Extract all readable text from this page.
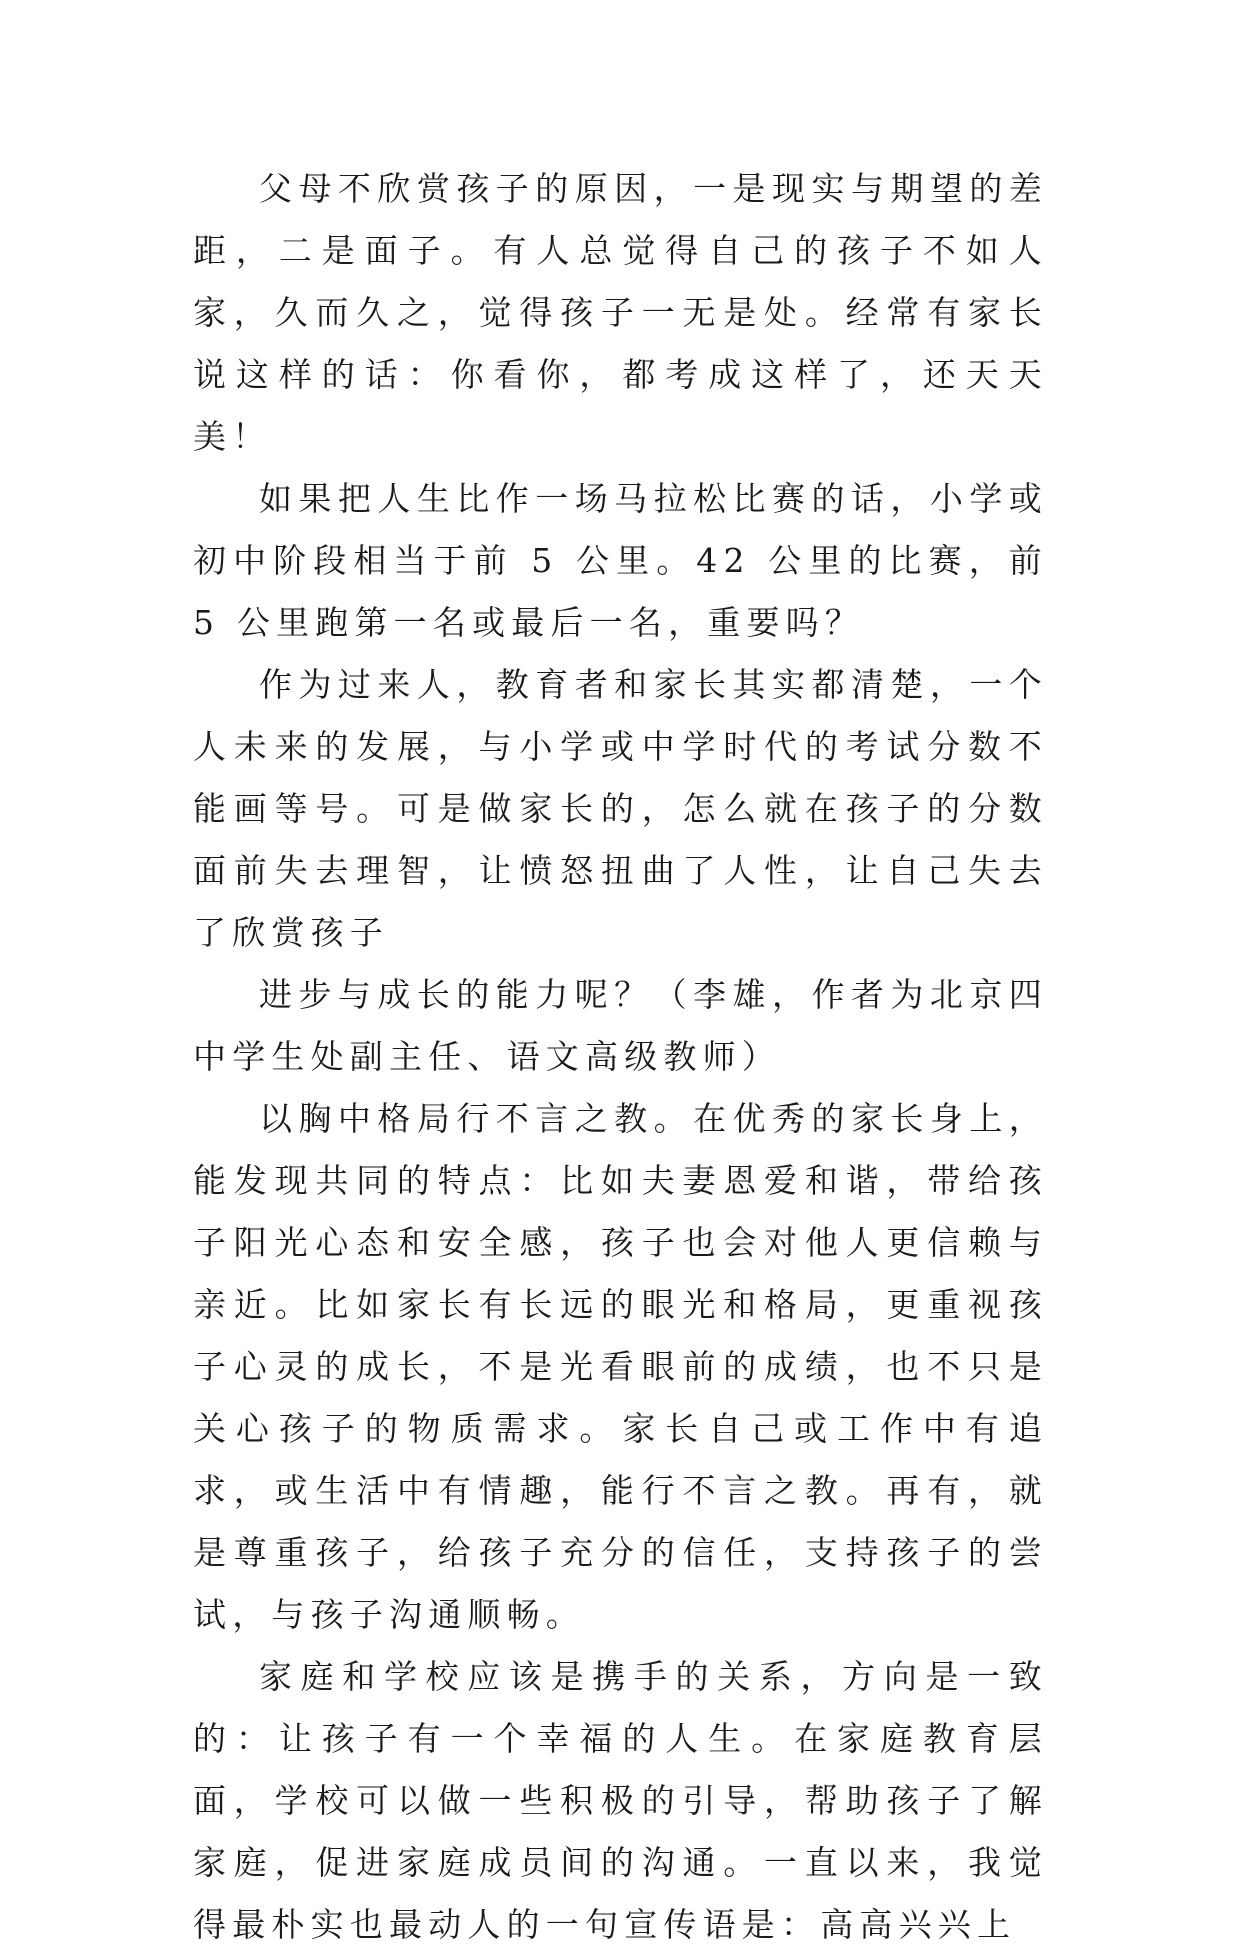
父母不欣赏孩子的原因，一是现实与期望的差距，二是面子。有人总觉得自己的孩子不如人家，久而久之，觉得孩子一无是处。经常有家长说这样的话：你看你，都考成这样了，还天天美！

如果把人生比作一场马拉松比赛的话，小学或初中阶段相当于前 5 公里。42 公里的比赛，前 5 公里跑第一名或最后一名，重要吗？

作为过来人，教育者和家长其实都清楚，一个人未来的发展，与小学或中学时代的考试分数不能画等号。可是做家长的，怎么就在孩子的分数面前失去理智，让愤怒扭曲了人性，让自己失去了欣赏孩子

进步与成长的能力呢？（李雄，作者为北京四中学生处副主任、语文高级教师）

以胸中格局行不言之教。在优秀的家长身上，能发现共同的特点：比如夫妻恩爱和谐，带给孩子阳光心态和安全感，孩子也会对他人更信赖与亲近。比如家长有长远的眼光和格局，更重视孩子心灵的成长，不是光看眼前的成绩，也不只是关心孩子的物质需求。家长自己或工作中有追求，或生活中有情趣，能行不言之教。再有，就是尊重孩子，给孩子充分的信任，支持孩子的尝试，与孩子沟通顺畅。

家庭和学校应该是携手的关系，方向是一致的：让孩子有一个幸福的人生。在家庭教育层面，学校可以做一些积极的引导，帮助孩子了解家庭，促进家庭成员间的沟通。一直以来，我觉得最朴实也最动人的一句宣传语是：高高兴兴上
